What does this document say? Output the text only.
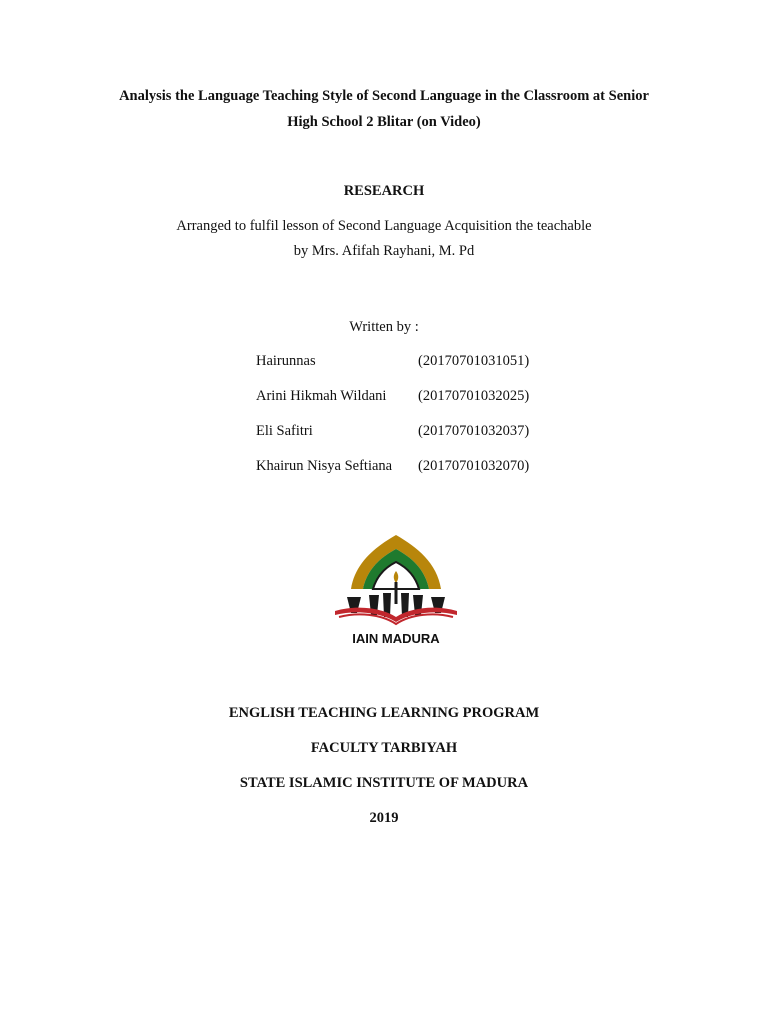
Analysis the Language Teaching Style of Second Language in the Classroom at Senior
High School 2 Blitar (on Video)
RESEARCH
Arranged to fulfil lesson of Second Language Acquisition the teachable
by Mrs. Afifah Rayhani, M. Pd
Written by :
Hairunnas	(20170701031051)
Arini Hikmah Wildani (20170701032025)
Eli Safitri	(20170701032037)
Khairun Nisya Seftiana (20170701032070)
IAIN MADURA
ENGLISH TEACHING LEARNING PROGRAM
FACULTY TARBIYAH
STATE ISLAMIC INSTITUTE OF MADURA
2019
